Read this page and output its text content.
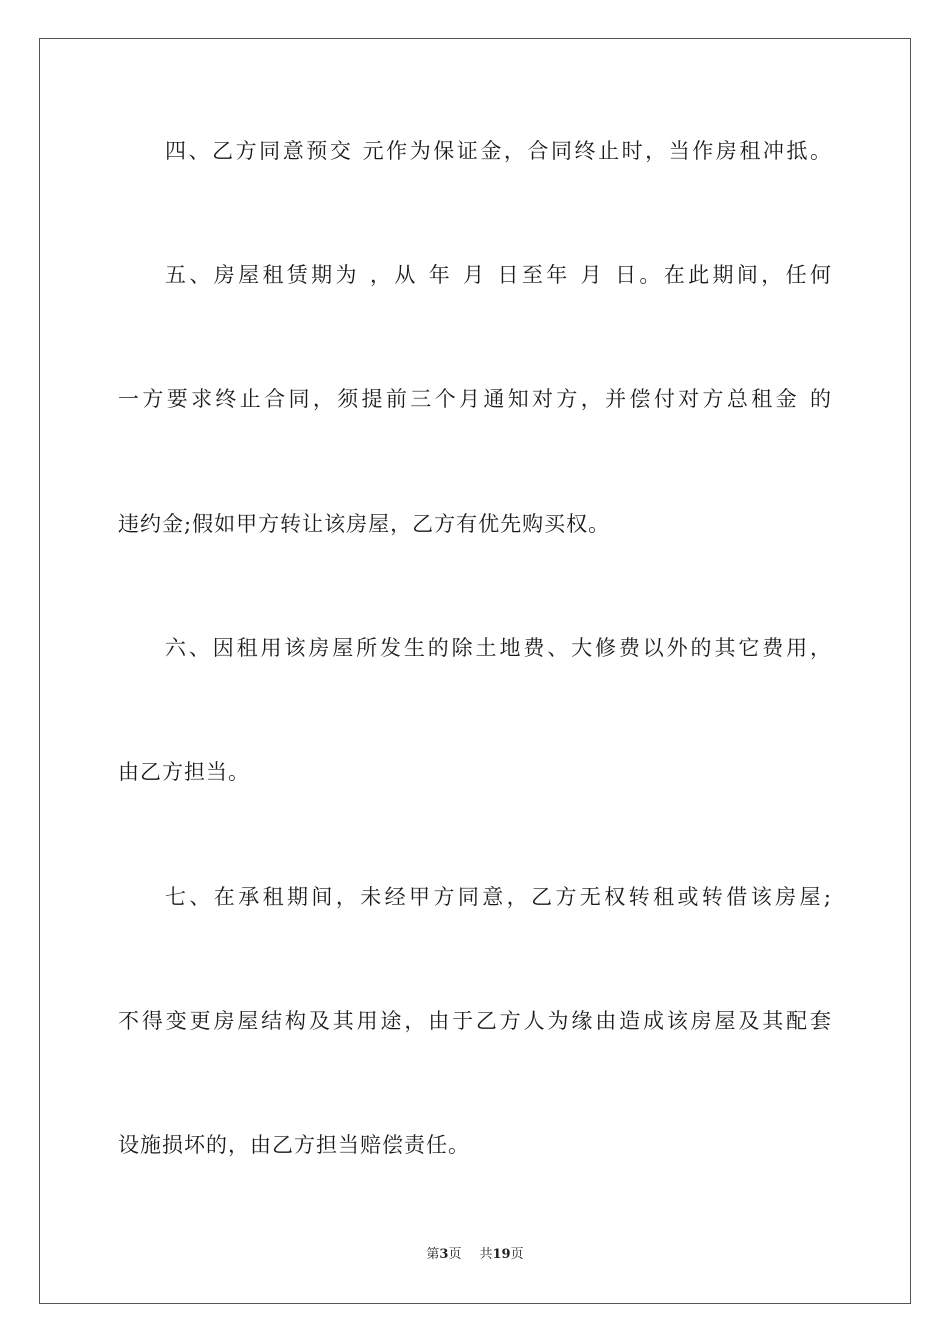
四、乙方同意预交 元作为保证金，合同终止时，当作房租冲抵。
五、房屋租赁期为 ，从 年 月 日至年 月 日。在此期间，任何
一方要求终止合同，须提前三个月通知对方，并偿付对方总租金 的
违约金;假如甲方转让该房屋，乙方有优先购买权。
六、因租用该房屋所发生的除土地费、大修费以外的其它费用，
由乙方担当。
七、在承租期间，未经甲方同意，乙方无权转租或转借该房屋;
不得变更房屋结构及其用途，由于乙方人为缘由造成该房屋及其配套
设施损坏的，由乙方担当赔偿责任。
第3页 共19页
